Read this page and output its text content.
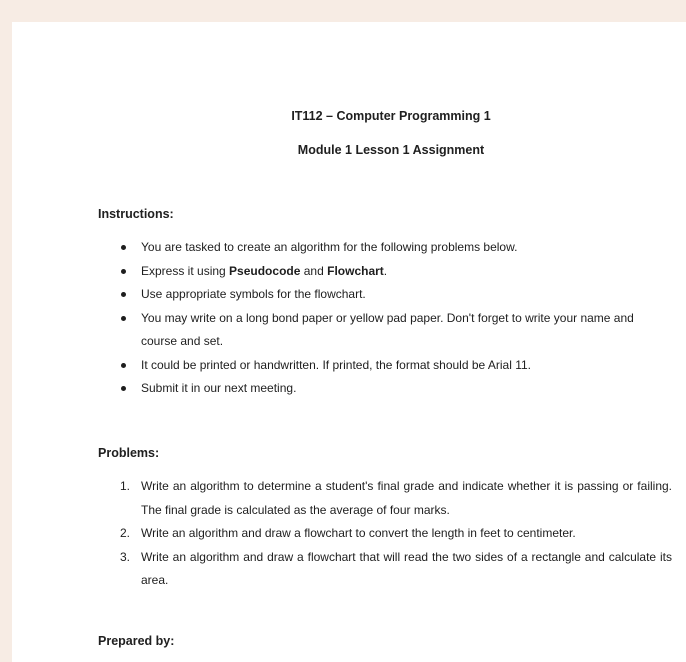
IT112 – Computer Programming 1
Module 1 Lesson 1 Assignment
Instructions:
You are tasked to create an algorithm for the following problems below.
Express it using Pseudocode and Flowchart.
Use appropriate symbols for the flowchart.
You may write on a long bond paper or yellow pad paper. Don't forget to write your name and course and set.
It could be printed or handwritten. If printed, the format should be Arial 11.
Submit it in our next meeting.
Problems:
1. Write an algorithm to determine a student's final grade and indicate whether it is passing or failing. The final grade is calculated as the average of four marks.
2. Write an algorithm and draw a flowchart to convert the length in feet to centimeter.
3. Write an algorithm and draw a flowchart that will read the two sides of a rectangle and calculate its area.
Prepared by:
